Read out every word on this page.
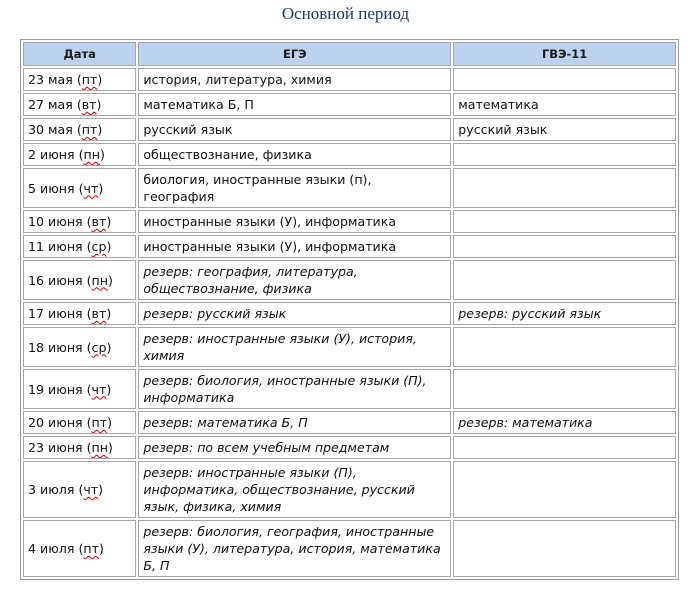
Основной период
Дата	ЕГЭ	ГВЭ-11
23 мая (пт)	история, литература, химия	
27 мая (вт)	математика Б, П	математика
30 мая (пт)	русский язык	русский язык
2 июня (пн)	обществознание, физика	
5 июня (чт)	биология, иностранные языки (п), география	
10 июня (вт)	иностранные языки (У), информатика	
11 июня (ср)	иностранные языки (У), информатика	
16 июня (пн)	резерв: география, литература, обществознание, физика	
17 июня (вт)	резерв: русский язык	резерв: русский язык
18 июня (ср)	резерв: иностранные языки (У), история, химия	
19 июня (чт)	резерв: биология, иностранные языки (П), информатика	
20 июня (пт)	резерв: математика Б, П	резерв: математика
23 июня (пн)	резерв: по всем учебным предметам	
3 июля (чт)	резерв: иностранные языки (П), информатика, обществознание, русский язык, физика, химия	
4 июля (пт)	резерв: биология, география, иностранные языки (У), литература, история, математика Б, П	
